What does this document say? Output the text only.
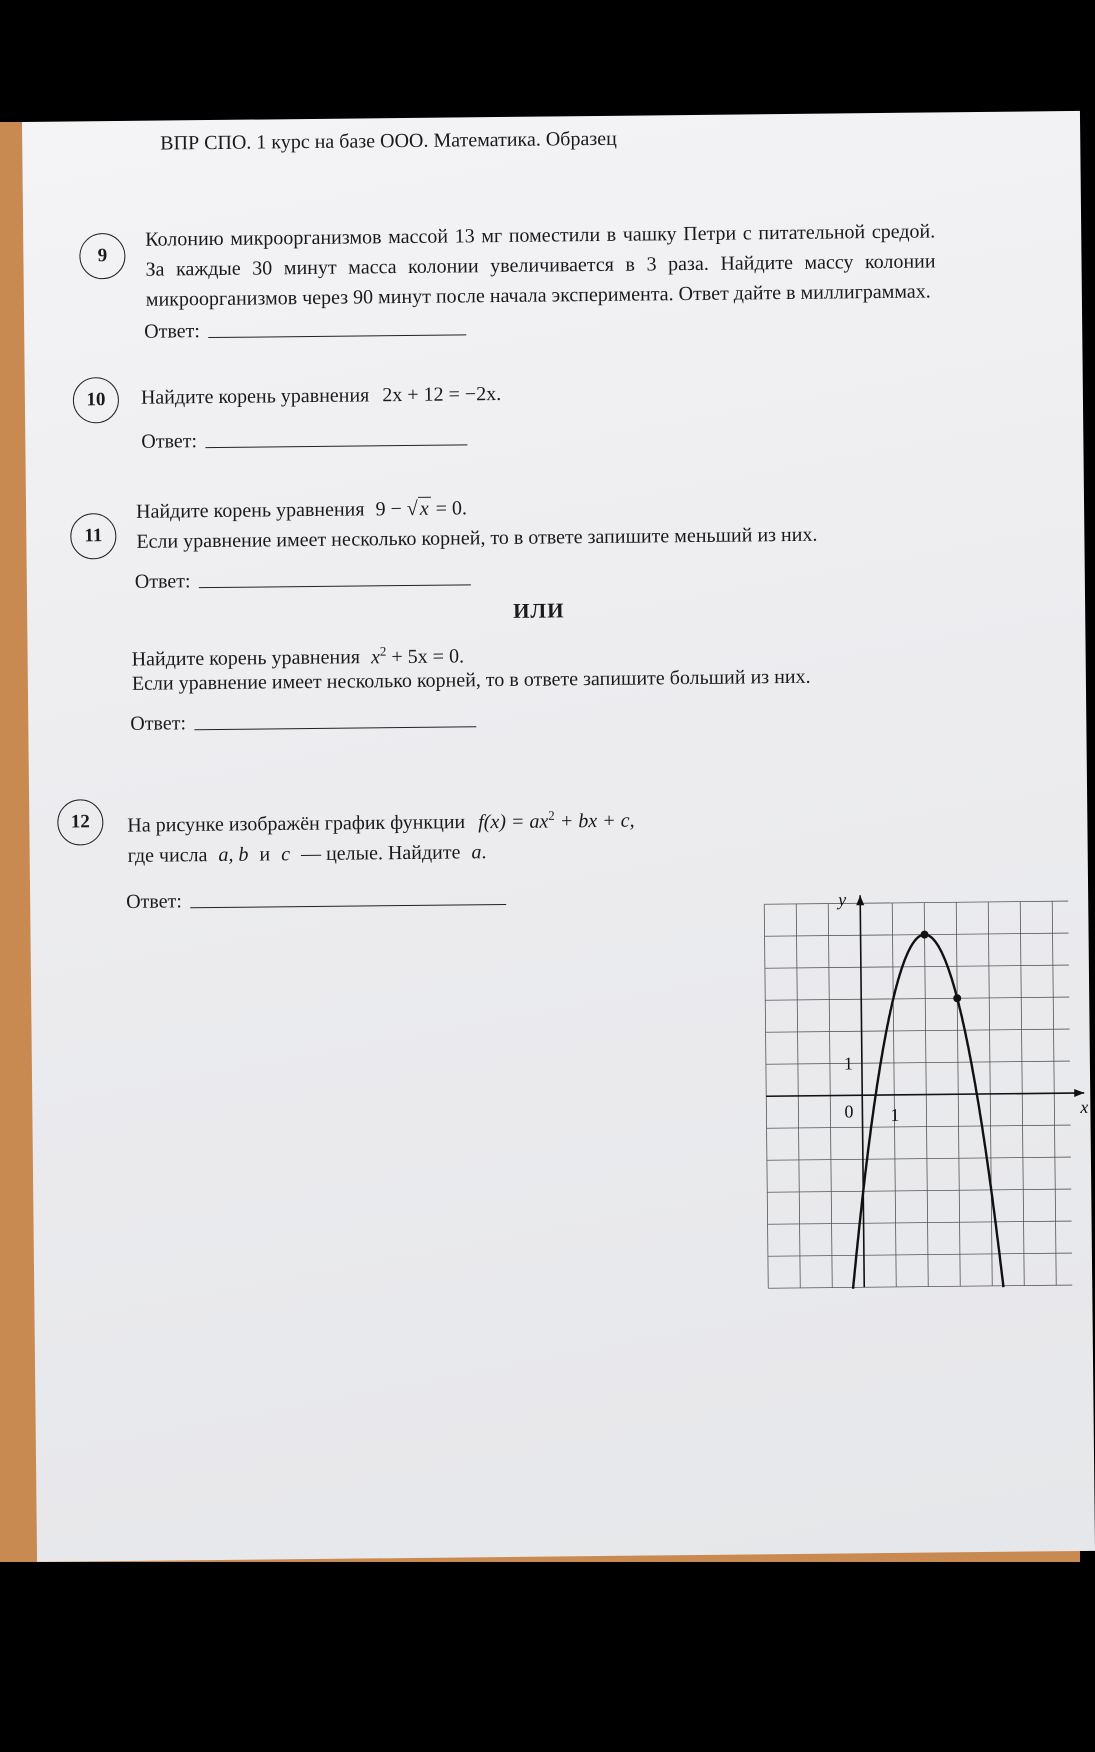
ВПР СПО. 1 курс на базе ООО. Математика. Образец
9
Колонию микроорганизмов массой 13 мг поместили в чашку Петри с питательной средой.
За каждые 30 минут масса колонии увеличивается в 3 раза. Найдите массу колонии
микроорганизмов через 90 минут после начала эксперимента. Ответ дайте в миллиграммах.
Ответ:
10	Найдите корень уравнения 2x + 12 = −2x.
Ответ:
11
Найдите корень уравнения 9 − √x = 0.
Если уравнение имеет несколько корней, то в ответе запишите меньший из них.
Ответ:
ИЛИ
Найдите корень уравнения $x^2 + 5x = 0$.
Если уравнение имеет несколько корней, то в ответе запишите больший из них.
Ответ:
12	На рисунке изображён график функции $f(x) = ax^2$ + bx + c,
где числа a, b и c — целые. Найдите a.
Ответ:	y
x
0 1
1
